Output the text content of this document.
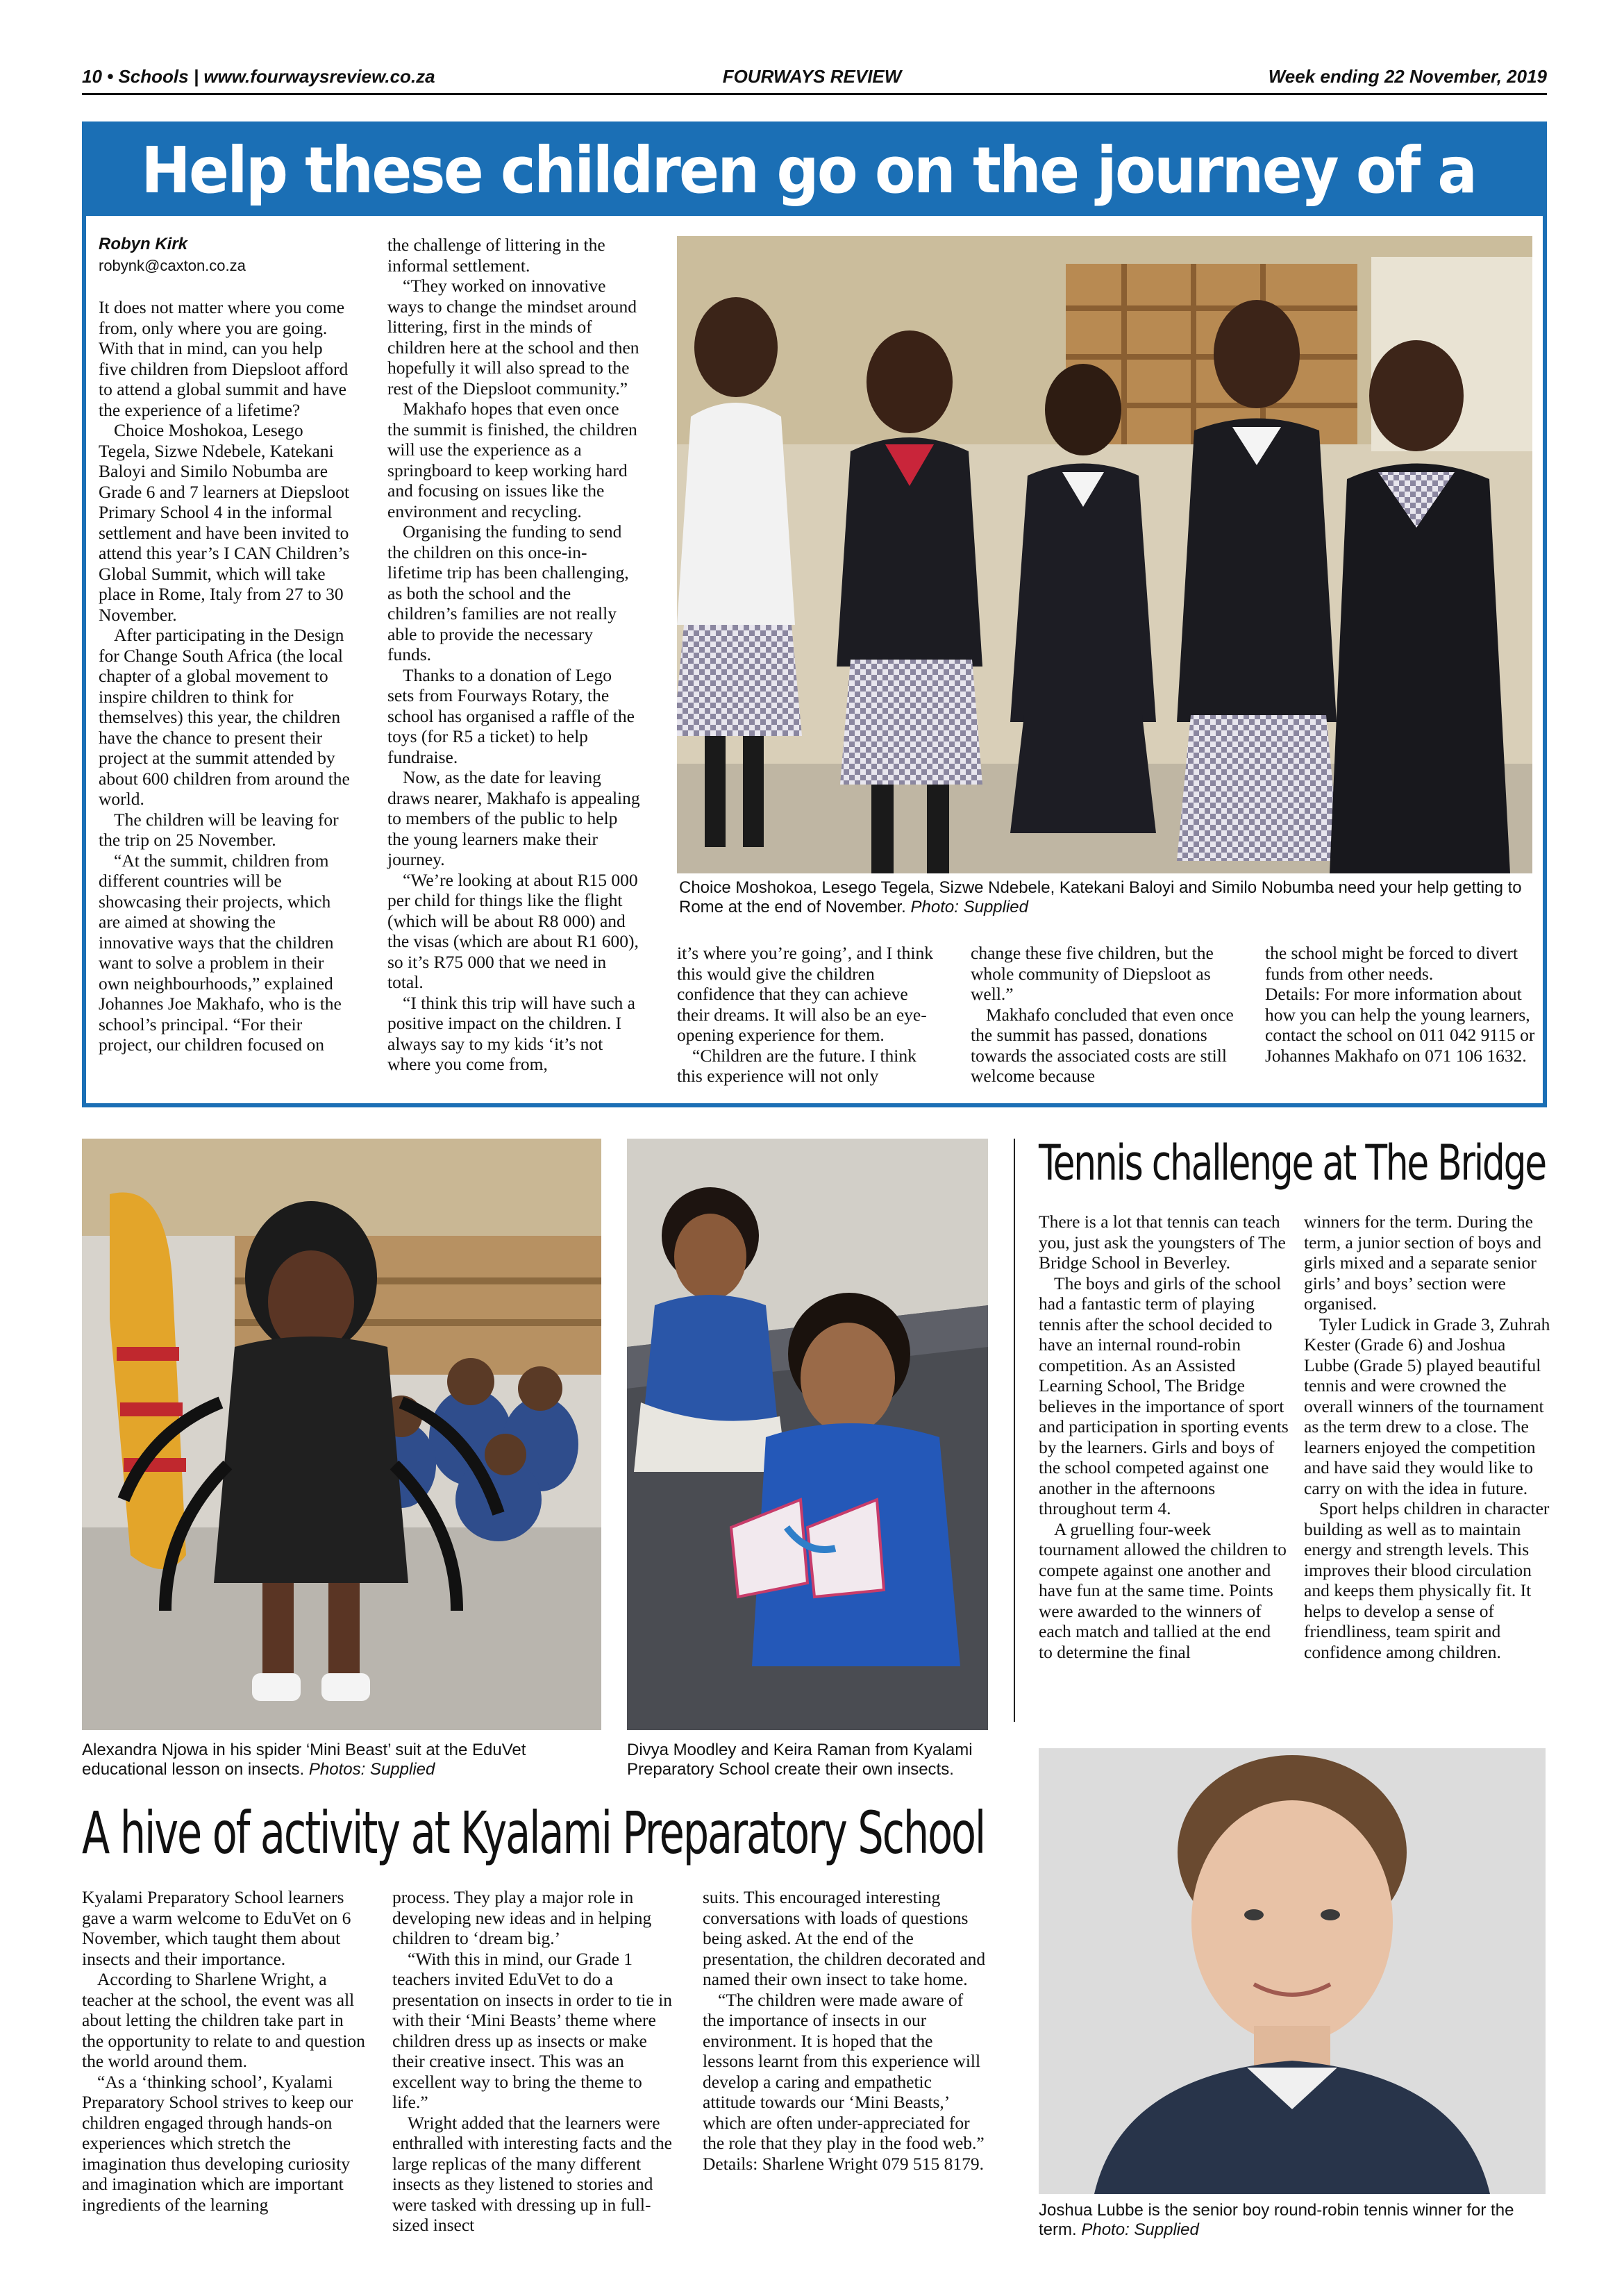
10 • Schools | www.fourwaysreview.co.za	FOURWAYS REVIEW	Week ending 22 November, 2019
Help these children go on the journey of a
Robyn Kirk
robynk@caxton.co.za

It does not matter where you come from, only where you are going. With that in mind, can you help five children from Diepsloot afford to attend a global summit and have the experience of a lifetime?

Choice Moshokoa, Lesego Tegela, Sizwe Ndebele, Katekani Baloyi and Similo Nobumba are Grade 6 and 7 learners at Diepsloot Primary School 4 in the informal settlement and have been invited to attend this year’s I CAN Children’s Global Summit, which will take place in Rome, Italy from 27 to 30 November.

After participating in the Design for Change South Africa (the local chapter of a global movement to inspire children to think for themselves) this year, the children have the chance to present their project at the summit attended by about 600 children from around the world.

The children will be leaving for the trip on 25 November.

“At the summit, children from different countries will be showcasing their projects, which are aimed at showing the innovative ways that the children want to solve a problem in their own neighbourhoods,” explained Johannes Joe Makhafo, who is the school’s principal. “For their project, our children focused on

the challenge of littering in the informal settlement.

“They worked on innovative ways to change the mindset around littering, first in the minds of children here at the school and then hopefully it will also spread to the rest of the Diepsloot community.”

Makhafo hopes that even once the summit is finished, the children will use the experience as a springboard to keep working hard and focusing on issues like the environment and recycling.

Organising the funding to send the children on this once-in-lifetime trip has been challenging, as both the school and the children’s families are not really able to provide the necessary funds.

Thanks to a donation of Lego sets from Fourways Rotary, the school has organised a raffle of the toys (for R5 a ticket) to help fundraise.

Now, as the date for leaving draws nearer, Makhafo is appealing to members of the public to help the young learners make their journey.

“We’re looking at about R15 000 per child for things like the flight (which will be about R8 000) and the visas (which are about R1 600), so it’s R75 000 that we need in total.

“I think this trip will have such a positive impact on the children. I always say to my kids ‘it’s not where you come from,

Choice Moshokoa, Lesego Tegela, Sizwe Ndebele, Katekani Baloyi and Similo Nobumba need your help getting to Rome at the end of November. Photo: Supplied

it’s where you’re going’, and I think this would give the children confidence that they can achieve their dreams. It will also be an eye-opening experience for them.

“Children are the future. I think this experience will not only

change these five children, but the whole community of Diepsloot as well.”

Makhafo concluded that even once the summit has passed, donations towards the associated costs are still welcome because

the school might be forced to divert funds from other needs.

Details: For more information about how you can help the young learners, contact the school on 011 042 9115 or Johannes Makhafo on 071 106 1632.

Alexandra Njowa in his spider ‘Mini Beast’ suit at the EduVet educational lesson on insects. Photos: Supplied
Divya Moodley and Keira Raman from Kyalami Preparatory School create their own insects.
A hive of activity at Kyalami Preparatory School

Kyalami Preparatory School learners gave a warm welcome to EduVet on 6 November, which taught them about insects and their importance.

According to Sharlene Wright, a teacher at the school, the event was all about letting the children take part in the opportunity to relate to and question the world around them.

“As a ‘thinking school’, Kyalami Preparatory School strives to keep our children engaged through hands-on experiences which stretch the imagination thus developing curiosity and imagination which are important ingredients of the learning

process. They play a major role in developing new ideas and in helping children to ‘dream big.’

“With this in mind, our Grade 1 teachers invited EduVet to do a presentation on insects in order to tie in with their ‘Mini Beasts’ theme where children dress up as insects or make their creative insect. This was an excellent way to bring the theme to life.”

Wright added that the learners were enthralled with interesting facts and the large replicas of the many different insects as they listened to stories and were tasked with dressing up in full-sized insect

suits. This encouraged interesting conversations with loads of questions being asked. At the end of the presentation, the children decorated and named their own insect to take home.

“The children were made aware of the importance of insects in our environment. It is hoped that the lessons learnt from this experience will develop a caring and empathetic attitude towards our ‘Mini Beasts,’ which are often under-appreciated for the role that they play in the food web.”

Details: Sharlene Wright 079 515 8179.

Tennis challenge at The Bridge

There is a lot that tennis can teach you, just ask the youngsters of The Bridge School in Beverley.

The boys and girls of the school had a fantastic term of playing tennis after the school decided to have an internal round-robin competition. As an Assisted Learning School, The Bridge believes in the importance of sport and participation in sporting events by the learners. Girls and boys of the school competed against one another in the afternoons throughout term 4.

A gruelling four-week tournament allowed the children to compete against one another and have fun at the same time. Points were awarded to the winners of each match and tallied at the end to determine the final

winners for the term. During the term, a junior section of boys and girls mixed and a separate senior girls’ and boys’ section were organised.

Tyler Ludick in Grade 3, Zuhrah Kester (Grade 6) and Joshua Lubbe (Grade 5) played beautiful tennis and were crowned the overall winners of the tournament as the term drew to a close. The learners enjoyed the competition and have said they would like to carry on with the idea in future.

Sport helps children in character building as well as to maintain energy and strength levels. This improves their blood circulation and keeps them physically fit. It helps to develop a sense of friendliness, team spirit and confidence among children.

Joshua Lubbe is the senior boy round-robin tennis winner for the term. Photo: Supplied
